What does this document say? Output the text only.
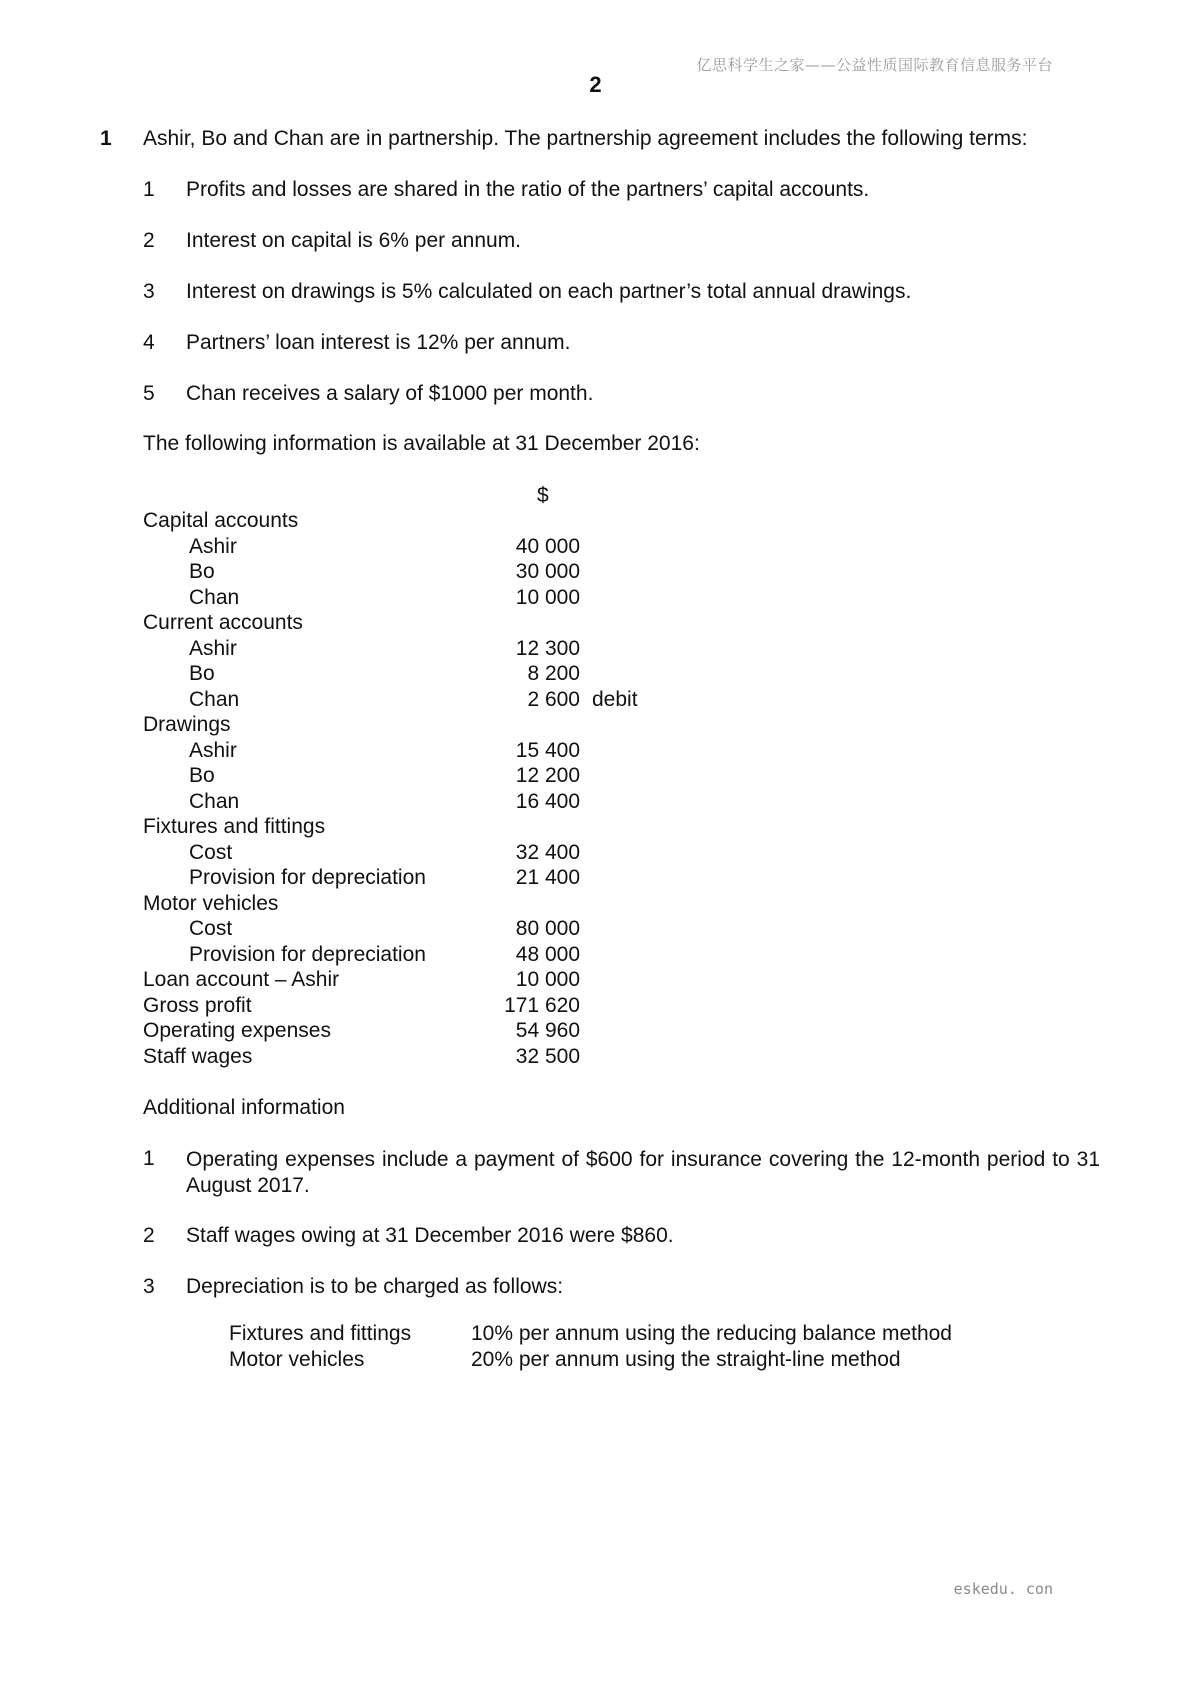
亿思科学生之家——公益性质国际教育信息服务平台
2
1 Ashir, Bo and Chan are in partnership. The partnership agreement includes the following terms:
1 Profits and losses are shared in the ratio of the partners’ capital accounts.
2 Interest on capital is 6% per annum.
3 Interest on drawings is 5% calculated on each partner’s total annual drawings.
4 Partners’ loan interest is 12% per annum.
5 Chan receives a salary of $1000 per month.
The following information is available at 31 December 2016:
$
Capital accounts
Ashir	40 000
Bo	30 000
Chan	10 000
Current accounts
Ashir	12 300
Bo	8 200
Chan	2 600 debit
Drawings
Ashir	15 400
Bo	12 200
Chan	16 400
Fixtures and fittings
Cost	32 400
Provision for depreciation	21 400
Motor vehicles
Cost	80 000
Provision for depreciation	48 000
Loan account – Ashir	10 000
Gross profit	171 620
Operating expenses	54 960
Staff wages	32 500
Additional information
1 Operating expenses include a payment of $600 for insurance covering the 12-month period to 31 August 2017.
2 Staff wages owing at 31 December 2016 were $860.
3 Depreciation is to be charged as follows:
Fixtures and fittings	10% per annum using the reducing balance method
Motor vehicles	20% per annum using the straight-line method
eskedu. con
